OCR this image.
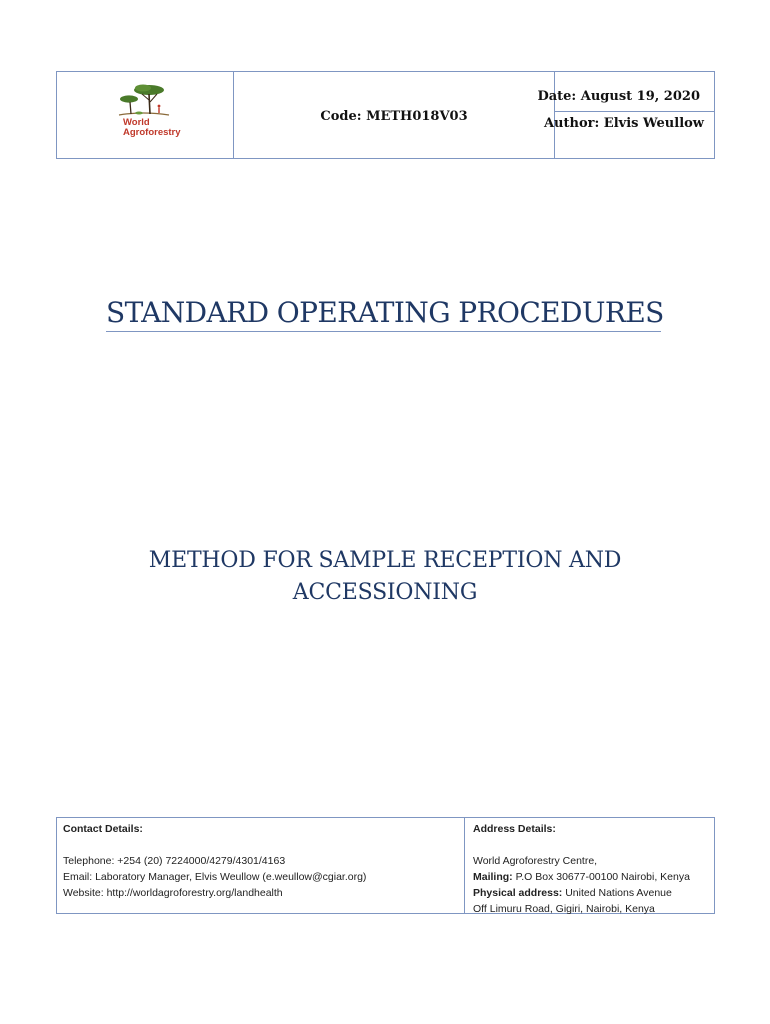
World
Agroforestry
Code: METH018V03
Date: August 19, 2020
Author: Elvis Weullow
STANDARD OPERATING PROCEDURES
METHOD FOR SAMPLE RECEPTION AND
ACCESSIONING
Contact Details:
Telephone: +254 (20) 7224000/4279/4301/4163
Email: Laboratory Manager, Elvis Weullow (e.weullow@cgiar.org)
Website: http://worldagroforestry.org/landhealth
Address Details:
World Agroforestry Centre,
Mailing: P.O Box 30677-00100 Nairobi, Kenya
Physical address: United Nations Avenue
Off Limuru Road, Gigiri, Nairobi, Kenya
